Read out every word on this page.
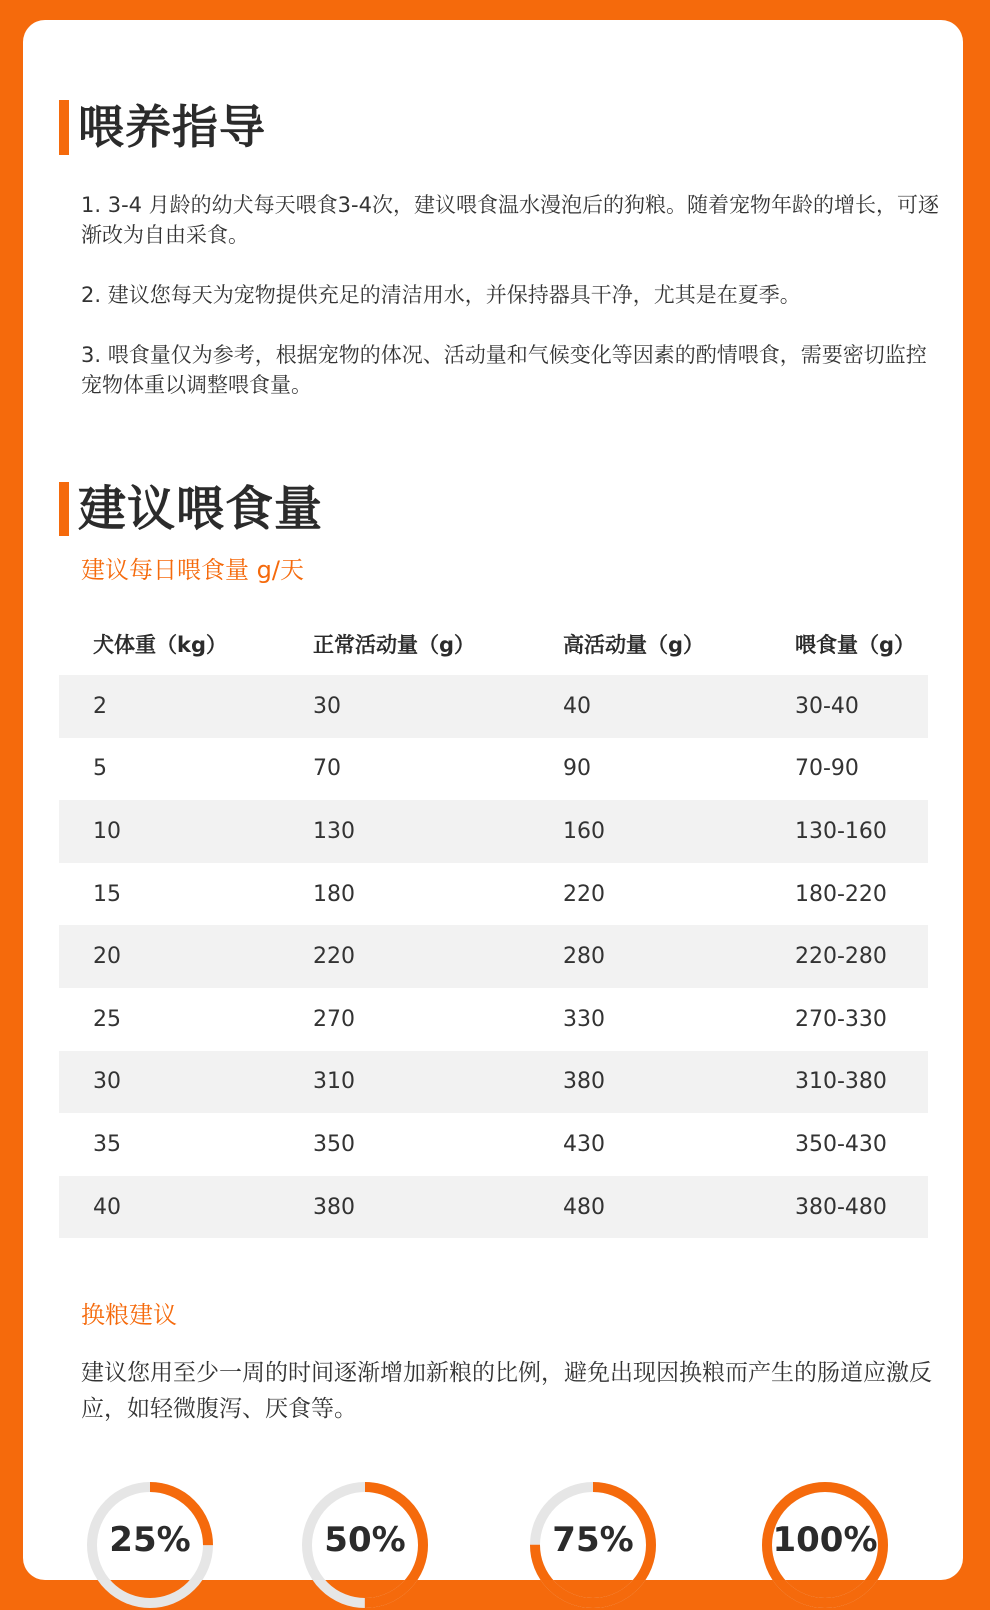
喂养指导
1. 3-4 月龄的幼犬每天喂食3-4次，建议喂食温水漫泡后的狗粮。随着宠物年龄的增长，可逐渐改为自由采食。
2. 建议您每天为宠物提供充足的清洁用水，并保持器具干净，尤其是在夏季。
3. 喂食量仅为参考，根据宠物的体况、活动量和气候变化等因素的酌情喂食，需要密切监控宠物体重以调整喂食量。
建议喂食量
建议每日喂食量 g/天
犬体重（kg）	正常活动量（g）	高活动量（g）	喂食量（g）
2	30	40	30-40
5	70	90	70-90
10	130	160	130-160
15	180	220	180-220
20	220	280	220-280
25	270	330	270-330
30	310	380	310-380
35	350	430	350-430
40	380	480	380-480
换粮建议
建议您用至少一周的时间逐渐增加新粮的比例，避免出现因换粮而产生的肠道应激反应，如轻微腹泻、厌食等。
25%	50%	75%	100%
